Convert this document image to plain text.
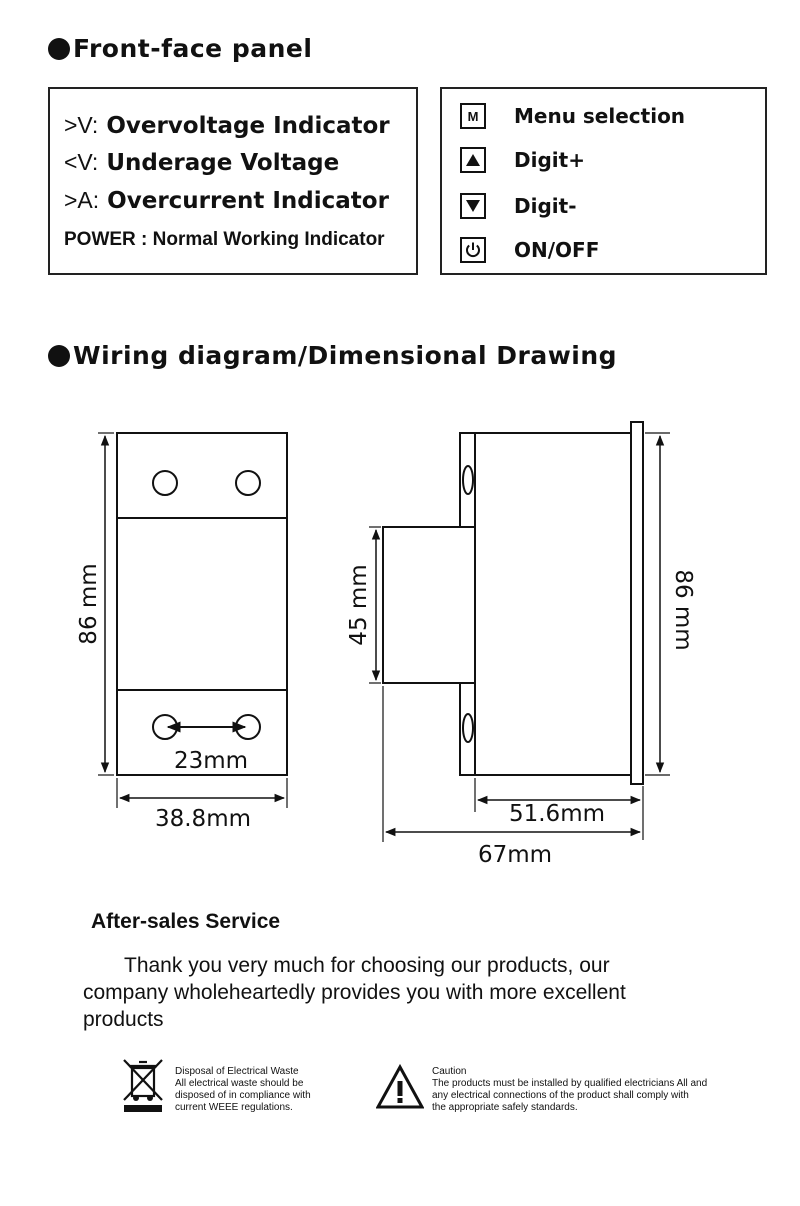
Front-face panel
>V: Overvoltage Indicator
<V: Underage Voltage
>A: Overcurrent Indicator
POWER : Normal Working Indicator
M	Menu selection
Digit+
Digit-
ON/OFF
Wiring diagram/Dimensional Drawing
86 mm
23mm
38.8mm
45 mm	86 mm
51.6mm
67mm
After-sales Service
Thank you very much for choosing our products, our
company wholeheartedly provides you with more excellent
products
Disposal of Electrical Waste
All electrical waste should be
disposed of in compliance with
current WEEE regulations.
Caution
The products must be installed by qualified electricians All and
any electrical connections of the product shall comply with
the appropriate safely standards.
